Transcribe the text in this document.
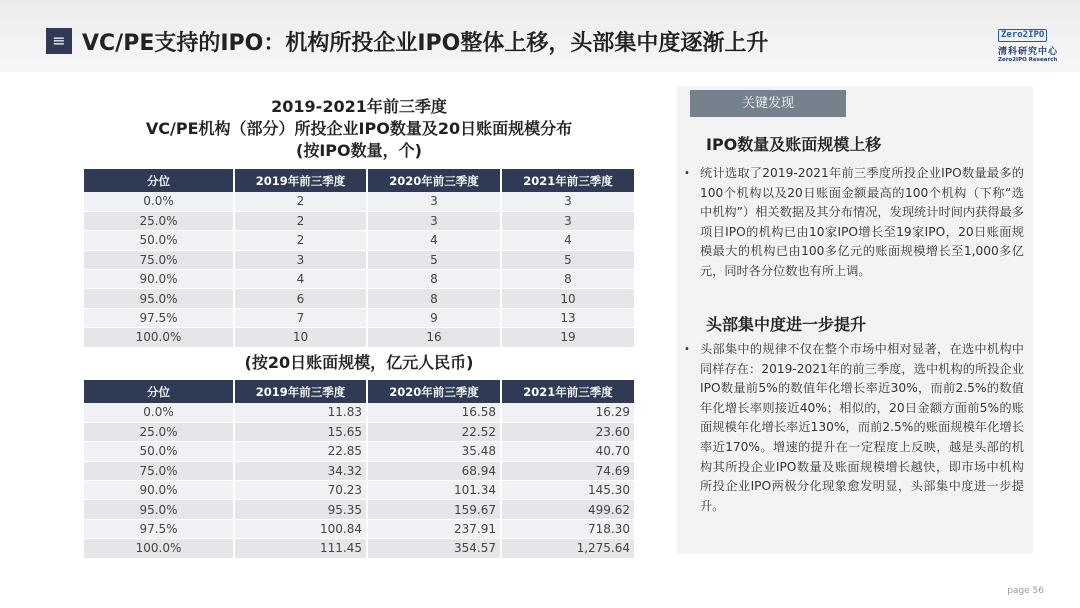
≡ VC/PE支持的IPO：机构所投企业IPO整体上移，头部集中度逐渐上升	Zero2IPO
清科研究中心
Zero2IPO Research
2019-2021年前三季度
VC/PE机构（部分）所投企业IPO数量及20日账面规模分布
(按IPO数量，个)
分位	2019年前三季度	2020年前三季度	2021年前三季度
0.0%	2	3	3
25.0%	2	3	3
50.0%	2	4	4
75.0%	3	5	5
90.0%	4	8	8
95.0%	6	8	10
97.5%	7	9	13
100.0%	10	16	19
(按20日账面规模，亿元人民币)
分位	2019年前三季度	2020年前三季度	2021年前三季度
0.0%	11.83	16.58	16.29
25.0%	15.65	22.52	23.60
50.0%	22.85	35.48	40.70
75.0%	34.32	68.94	74.69
90.0%	70.23	101.34	145.30
95.0%	95.35	159.67	499.62
97.5%	100.84	237.91	718.30
100.0%	111.45	354.57	1,275.64
关键发现
IPO数量及账面规模上移
• 统计选取了2019-2021年前三季度所投企业IPO数量最多的100个机构以及20日账面金额最高的100个机构（下称“选中机构”）相关数据及其分布情况，发现统计时间内获得最多项目IPO的机构已由10家IPO增长至19家IPO，20日账面规模最大的机构已由100多亿元的账面规模增长至1,000多亿元，同时各分位数也有所上调。
头部集中度进一步提升
• 头部集中的规律不仅在整个市场中相对显著，在选中机构中同样存在：2019-2021年的前三季度，选中机构的所投企业IPO数量前5%的数值年化增长率近30%，而前2.5%的数值年化增长率则接近40%；相似的，20日金额方面前5%的账面规模年化增长率近130%，而前2.5%的账面规模年化增长率近170%。增速的提升在一定程度上反映，越是头部的机构其所投企业IPO数量及账面规模增长越快，即市场中机构所投企业IPO两极分化现象愈发明显，头部集中度进一步提升。
page 56
